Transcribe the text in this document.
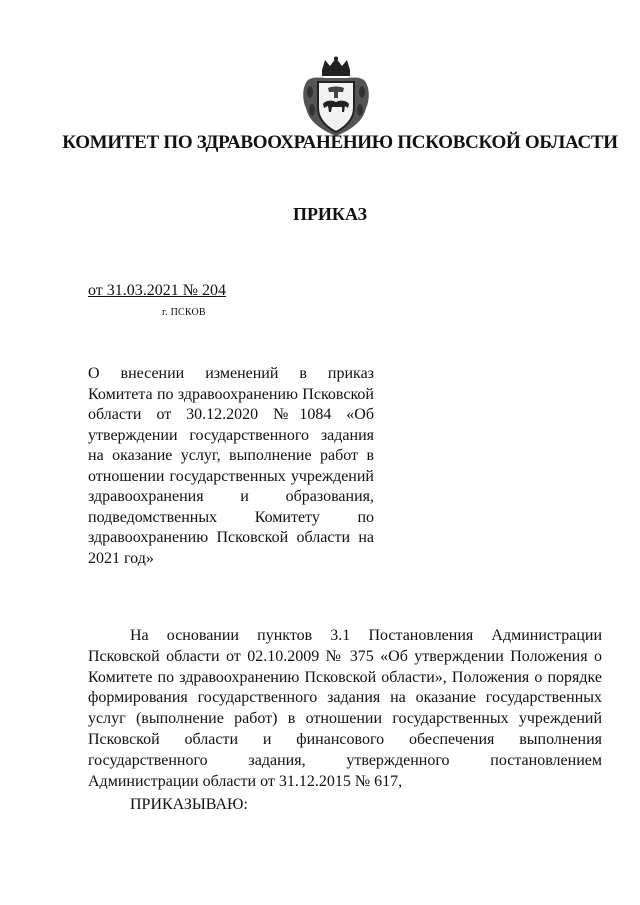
КОМИТЕТ ПО ЗДРАВООХРАНЕНИЮ ПСКОВСКОЙ ОБЛАСТИ
ПРИКАЗ
от 31.03.2021 № 204
г. ПСКОВ
О внесении изменений в приказ Комитета по здравоохранению Псковской области от 30.12.2020 №1084 «Об утверждении государственного задания на оказание услуг, выполнение работ в отношении государственных учреждений здравоохранения и образования, подведомственных Комитету по здравоохранению Псковской области на 2021 год»

На основании пунктов 3.1 Постановления Администрации Псковской области от 02.10.2009 № 375 «Об утверждении Положения о Комитете по здравоохранению Псковской области», Положения о порядке формирования государственного задания на оказание государственных услуг (выполнение работ) в отношении государственных учреждений Псковской области и финансового обеспечения выполнения государственного задания, утвержденного постановлением Администрации области от 31.12.2015 № 617,

ПРИКАЗЫВАЮ:
